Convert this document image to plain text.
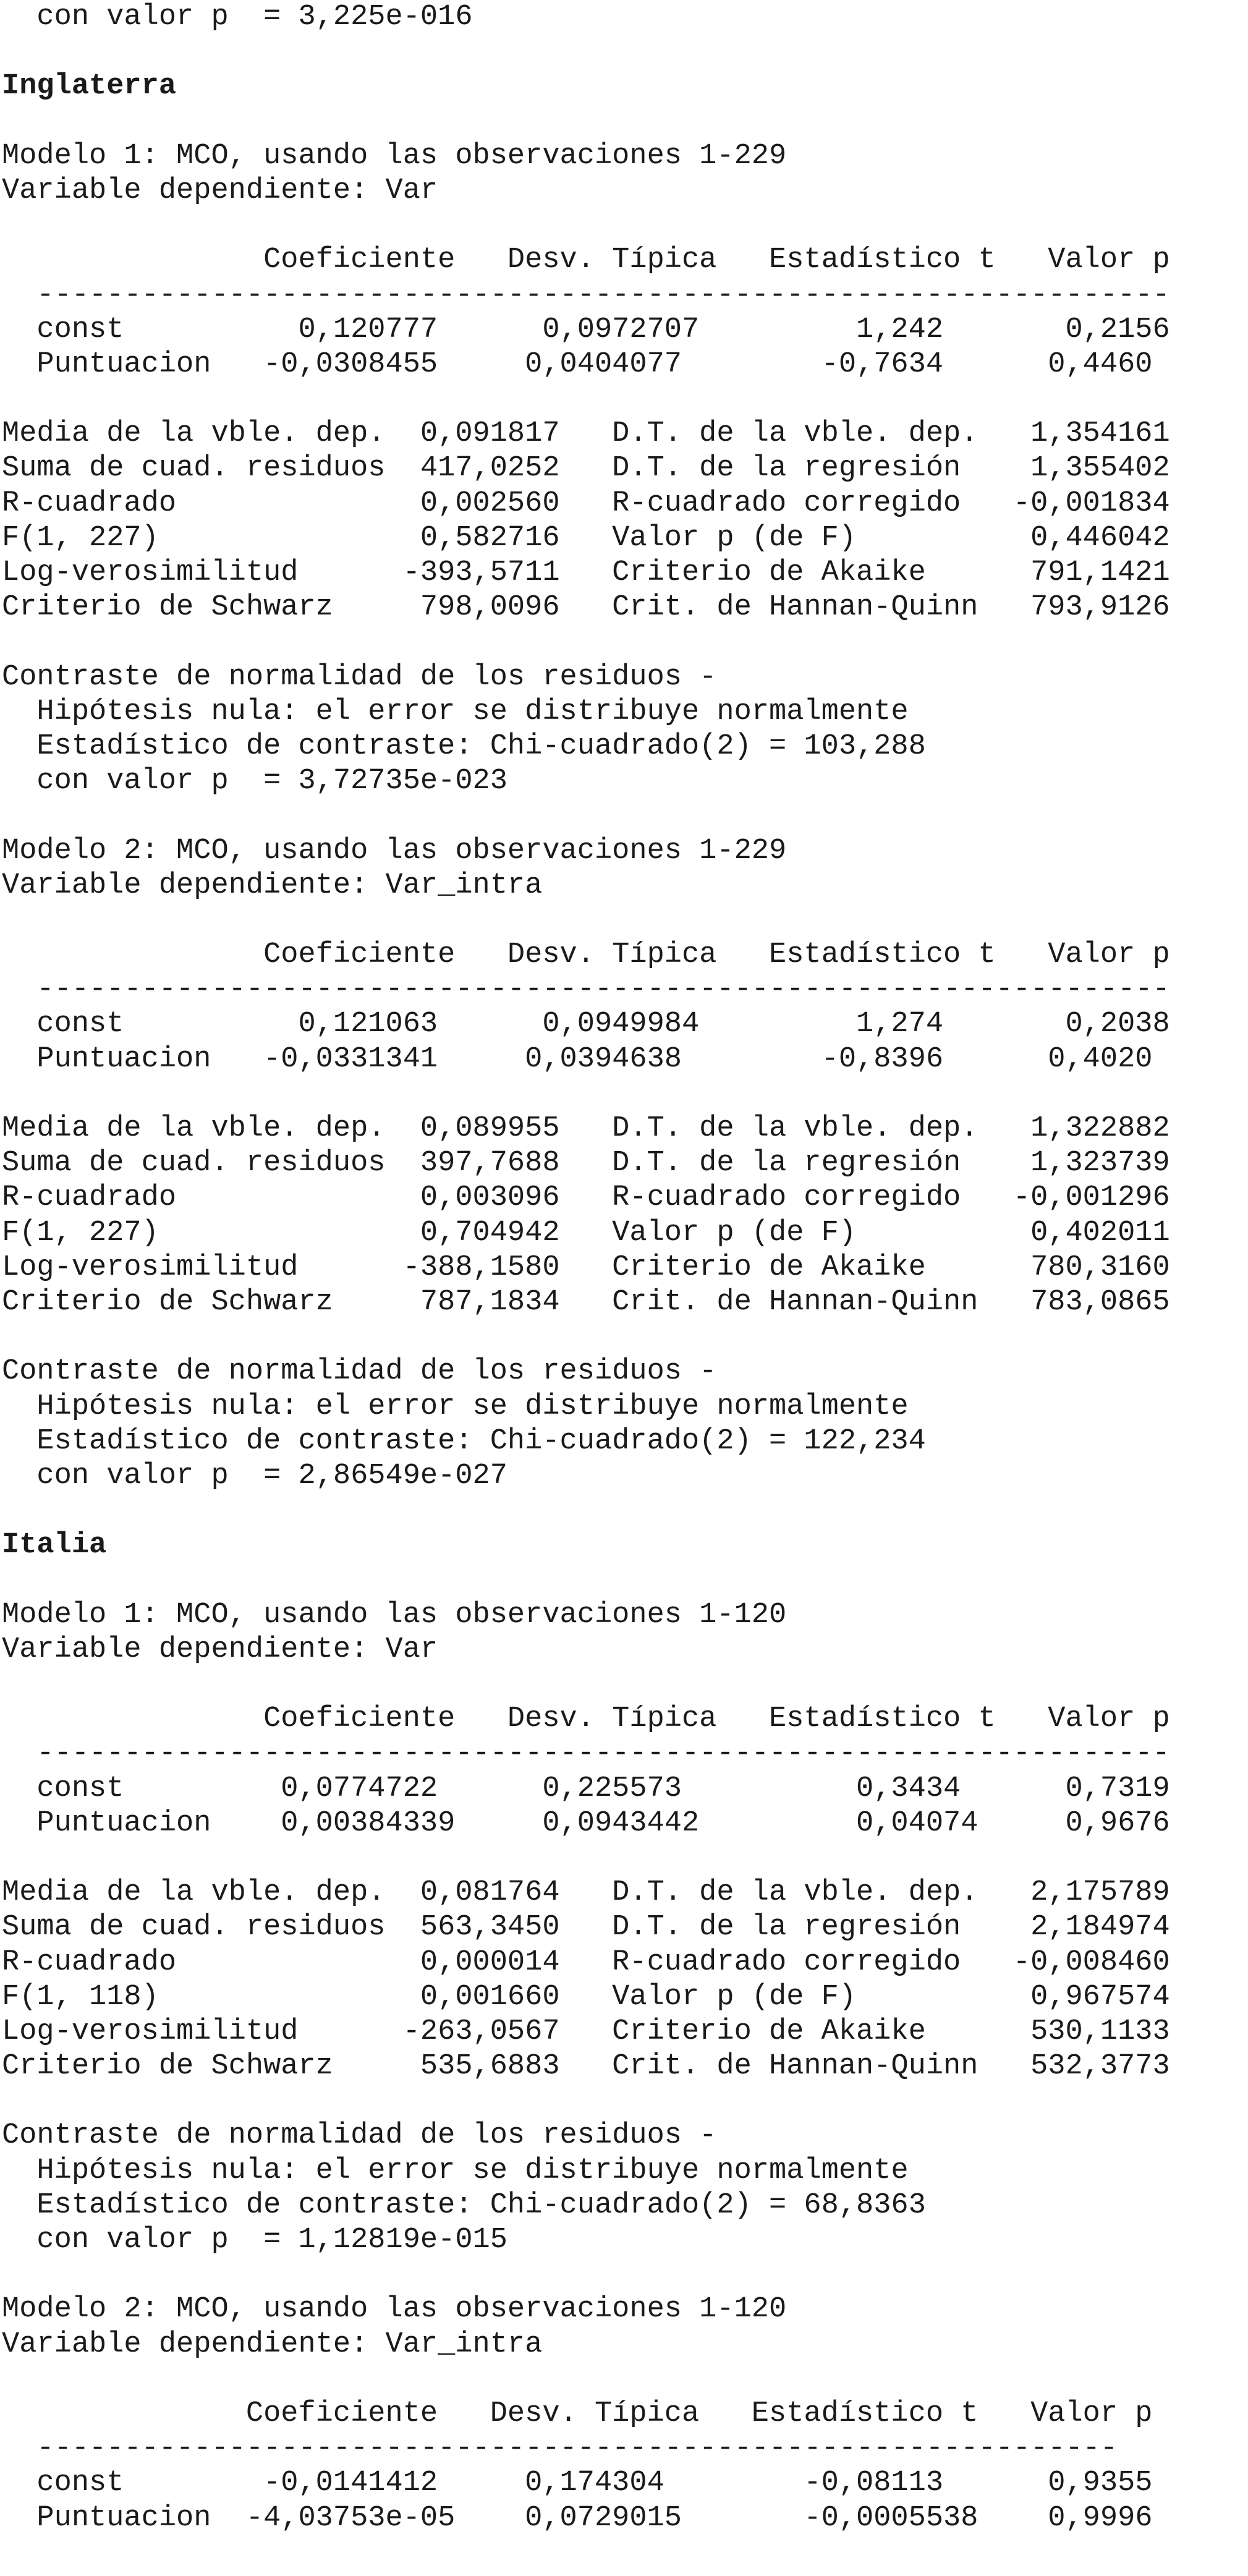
con valor p  = 3,225e-016
Inglaterra
Modelo 1: MCO, usando las observaciones 1-229
Variable dependiente: Var
Coeficiente   Desv. Típica   Estadístico t   Valor p
-----------------------------------------------------------------
const          0,120777      0,0972707         1,242       0,2156
Puntuacion   -0,0308455     0,0404077        -0,7634      0,4460
Media de la vble. dep.  0,091817   D.T. de la vble. dep.   1,354161
Suma de cuad. residuos  417,0252   D.T. de la regresión    1,355402
R-cuadrado              0,002560   R-cuadrado corregido   -0,001834
F(1, 227)               0,582716   Valor p (de F)          0,446042
Log-verosimilitud      -393,5711   Criterio de Akaike      791,1421
Criterio de Schwarz     798,0096   Crit. de Hannan-Quinn   793,9126
Contraste de normalidad de los residuos -
Hipótesis nula: el error se distribuye normalmente
Estadístico de contraste: Chi-cuadrado(2) = 103,288
con valor p  = 3,72735e-023
Modelo 2: MCO, usando las observaciones 1-229
Variable dependiente: Var_intra
Coeficiente   Desv. Típica   Estadístico t   Valor p
-----------------------------------------------------------------
const          0,121063      0,0949984         1,274       0,2038
Puntuacion   -0,0331341     0,0394638        -0,8396      0,4020
Media de la vble. dep.  0,089955   D.T. de la vble. dep.   1,322882
Suma de cuad. residuos  397,7688   D.T. de la regresión    1,323739
R-cuadrado              0,003096   R-cuadrado corregido   -0,001296
F(1, 227)               0,704942   Valor p (de F)          0,402011
Log-verosimilitud      -388,1580   Criterio de Akaike      780,3160
Criterio de Schwarz     787,1834   Crit. de Hannan-Quinn   783,0865
Contraste de normalidad de los residuos -
Hipótesis nula: el error se distribuye normalmente
Estadístico de contraste: Chi-cuadrado(2) = 122,234
con valor p  = 2,86549e-027
Italia
Modelo 1: MCO, usando las observaciones 1-120
Variable dependiente: Var
Coeficiente   Desv. Típica   Estadístico t   Valor p
-----------------------------------------------------------------
const         0,0774722      0,225573          0,3434      0,7319
Puntuacion    0,00384339     0,0943442         0,04074     0,9676
Media de la vble. dep.  0,081764   D.T. de la vble. dep.   2,175789
Suma de cuad. residuos  563,3450   D.T. de la regresión    2,184974
R-cuadrado              0,000014   R-cuadrado corregido   -0,008460
F(1, 118)               0,001660   Valor p (de F)          0,967574
Log-verosimilitud      -263,0567   Criterio de Akaike      530,1133
Criterio de Schwarz     535,6883   Crit. de Hannan-Quinn   532,3773
Contraste de normalidad de los residuos -
Hipótesis nula: el error se distribuye normalmente
Estadístico de contraste: Chi-cuadrado(2) = 68,8363
con valor p  = 1,12819e-015
Modelo 2: MCO, usando las observaciones 1-120
Variable dependiente: Var_intra
Coeficiente   Desv. Típica   Estadístico t   Valor p
--------------------------------------------------------------
const        -0,0141412     0,174304        -0,08113      0,9355
Puntuacion  -4,03753e-05    0,0729015       -0,0005538    0,9996
